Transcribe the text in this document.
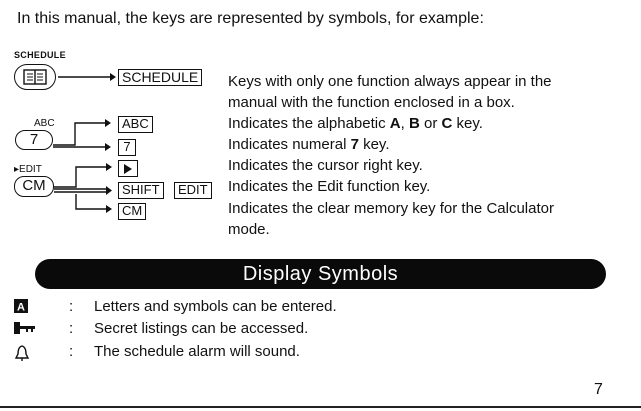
In this manual, the keys are represented by symbols, for example:
SCHEDULE
SCHEDULE
ABC
7
ABC
7
▸EDIT
CM	SHIFT	EDIT
CM
Keys with only one function always appear in the
manual with the function enclosed in a box.
Indicates the alphabetic A, B or C key.
Indicates numeral 7 key.
Indicates the cursor right key.
Indicates the Edit function key.
Indicates the clear memory key for the Calculator
mode.
Display Symbols
A	: Letters and symbols can be entered.
: Secret listings can be accessed.
: The schedule alarm will sound.
7
